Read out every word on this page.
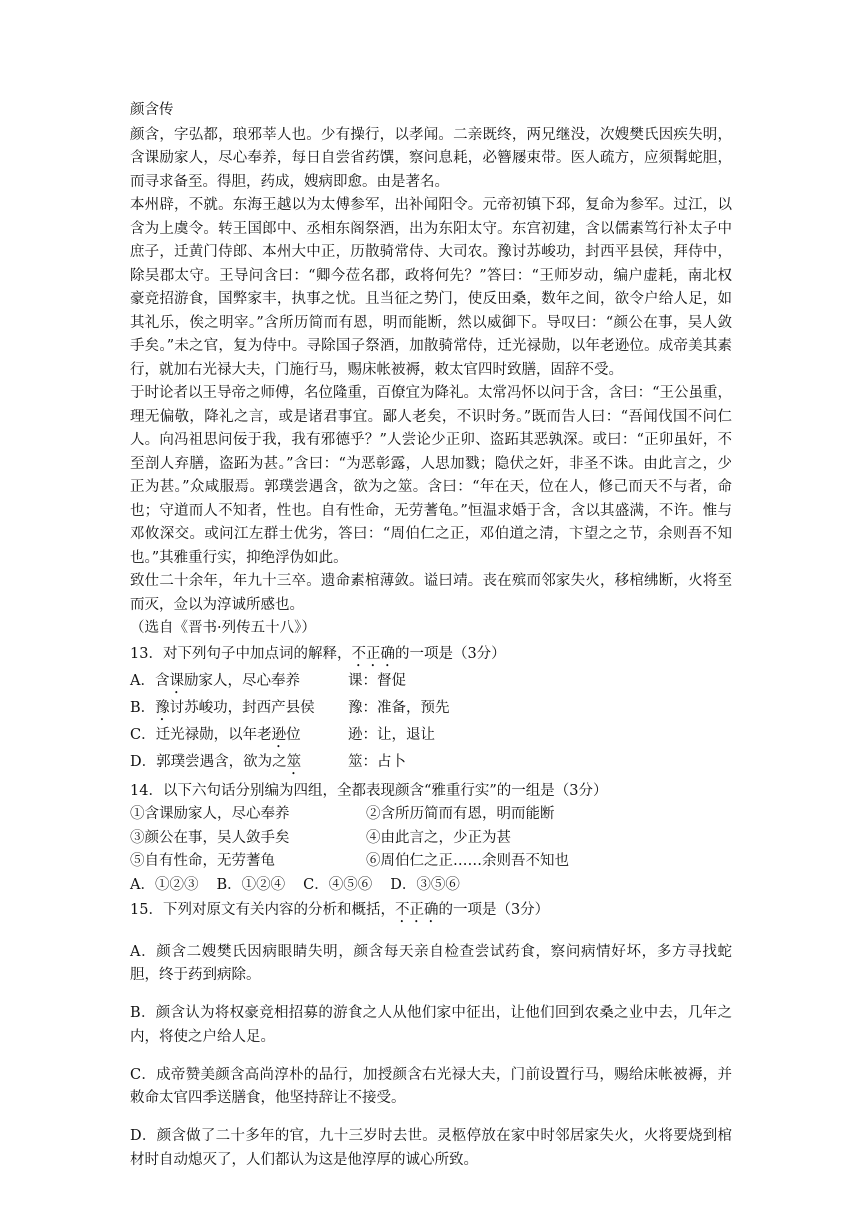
颜含传

颜含，字弘都，琅邪莘人也。少有操行，以孝闻。二亲既终，两兄继没，次嫂樊氏因疾失明，含课励家人，尽心奉养，每日自尝省药馔，察问息耗，必簪屦束带。医人疏方，应须髯蛇胆，而寻求备至。得胆，药成，嫂病即愈。由是著名。

本州辟，不就。东海王越以为太傅参军，出补闻阳令。元帝初镇下邳，复命为参军。过江，以含为上虞令。转王国郎中、丞相东阁祭酒，出为东阳太守。东宫初建，含以儒素笃行补太子中庶子，迁黄门侍郎、本州大中正，历散骑常侍、大司农。豫讨苏峻功，封西平县侯，拜侍中，除吴郡太守。王导问含曰：“卿今莅名郡，政将何先？”答曰：“王师岁动，编户虚耗，南北权豪竞招游食，国弊家丰，执事之忧。且当征之势门，使反田桑，数年之间，欲令户给人足，如其礼乐，俟之明宰。”含所历简而有恩，明而能断，然以威御下。导叹曰：“颜公在事，吴人敛手矣。”未之官，复为侍中。寻除国子祭酒，加散骑常侍，迁光禄勋，以年老逊位。成帝美其素行，就加右光禄大夫，门施行马，赐床帐被褥，敕太官四时致膳，固辞不受。

于时论者以王导帝之师傅，名位隆重，百僚宜为降礼。太常冯怀以问于含，含曰：“王公虽重，理无偏敬，降礼之言，或是诸君事宜。鄙人老矣，不识时务。”既而告人曰：“吾闻伐国不问仁人。向冯祖思问佞于我，我有邪德乎？”人尝论少正卯、盗跖其恶孰深。或曰：“正卯虽奸，不至剖人弃膳，盗跖为甚。”含曰：“为恶彰露，人思加戮；隐伏之奸，非圣不诛。由此言之，少正为甚。”众咸服焉。郭璞尝遇含，欲为之筮。含曰：“年在天，位在人，修己而天不与者，命也；守道而人不知者，性也。自有性命，无劳蓍龟。”恒温求婚于含，含以其盛满，不许。惟与邓攸深交。或问江左群士优劣，答曰：“周伯仁之正，邓伯道之清，卞望之之节，余则吾不知也。”其雅重行实，抑绝浮伪如此。

致仕二十余年，年九十三卒。遗命素棺薄敛。谥曰靖。丧在殡而邻家失火，移棺绋断，火将至而灭，佥以为淳诚所感也。

（选自《晋书·列传五十八》）

13．对下列句子中加点词的解释，不正确的一项是（3分）

A．含课励家人，尽心奉养	课：督促
B．豫讨苏峻功，封西产县侯	豫：准备，预先
C．迁光禄勋，以年老逊位	逊：让，退让
D．郭璞尝遇含，欲为之筮	筮：占卜

14．以下六句话分别编为四组，全都表现颜含“雅重行实”的一组是（3分）

①含课励家人，尽心奉养	②含所历简而有恩，明而能断
③颜公在事，吴人敛手矣	④由此言之，少正为甚
⑤自有性命，无劳蓍龟	⑥周伯仁之正……余则吾不知也
A．①②③ B．①②④ C．④⑤⑥ D．③⑤⑥

15．下列对原文有关内容的分析和概括，不正确的一项是（3分）

A．颜含二嫂樊氏因病眼睛失明，颜含每天亲自检查尝试药食，察问病情好坏，多方寻找蛇胆，终于药到病除。

B．颜含认为将权豪竞相招募的游食之人从他们家中征出，让他们回到农桑之业中去，几年之内，将使之户给人足。

C．成帝赞美颜含高尚淳朴的品行，加授颜含右光禄大夫，门前设置行马，赐给床帐被褥，并敕命太官四季送膳食，他坚持辞让不接受。

D．颜含做了二十多年的官，九十三岁时去世。灵柩停放在家中时邻居家失火，火将要烧到棺材时自动熄灭了，人们都认为这是他淳厚的诚心所致。
